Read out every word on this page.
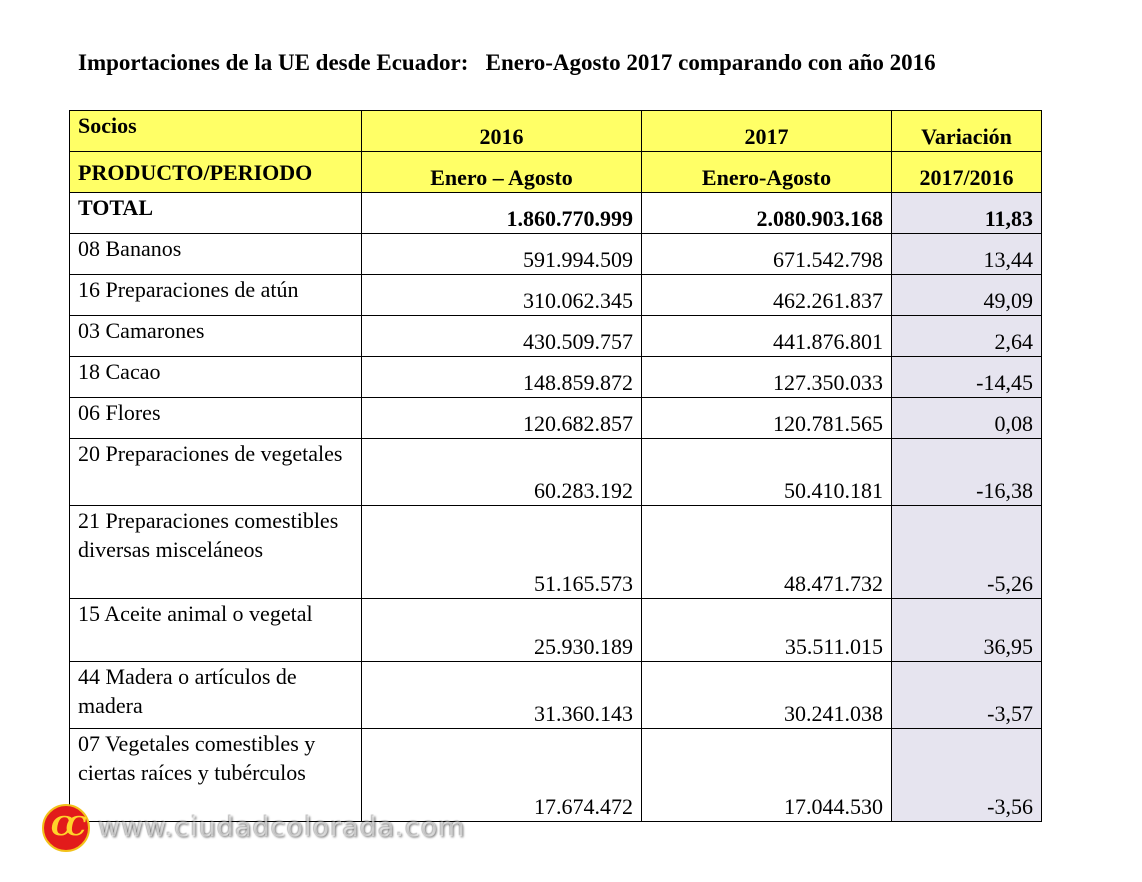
Importaciones de la UE desde Ecuador:   Enero-Agosto 2017 comparando con año 2016
Socios	2016	2017	Variación
PRODUCTO/PERIODO	Enero – Agosto	Enero-Agosto	2017/2016
TOTAL	1.860.770.999	2.080.903.168	11,83
08 Bananos	591.994.509	671.542.798	13,44
16 Preparaciones de atún	310.062.345	462.261.837	49,09
03 Camarones	430.509.757	441.876.801	2,64
18 Cacao	148.859.872	127.350.033	-14,45
06 Flores	120.682.857	120.781.565	0,08
20 Preparaciones de vegetales	60.283.192	50.410.181	-16,38
21 Preparaciones comestibles diversas misceláneos	51.165.573	48.471.732	-5,26
15 Aceite animal o vegetal	25.930.189	35.511.015	36,95
44 Madera o artículos de madera	31.360.143	30.241.038	-3,57
07 Vegetales comestibles y ciertas raíces y tubérculos	17.674.472	17.044.530	-3,56
CC www.ciudadcolorada.com
